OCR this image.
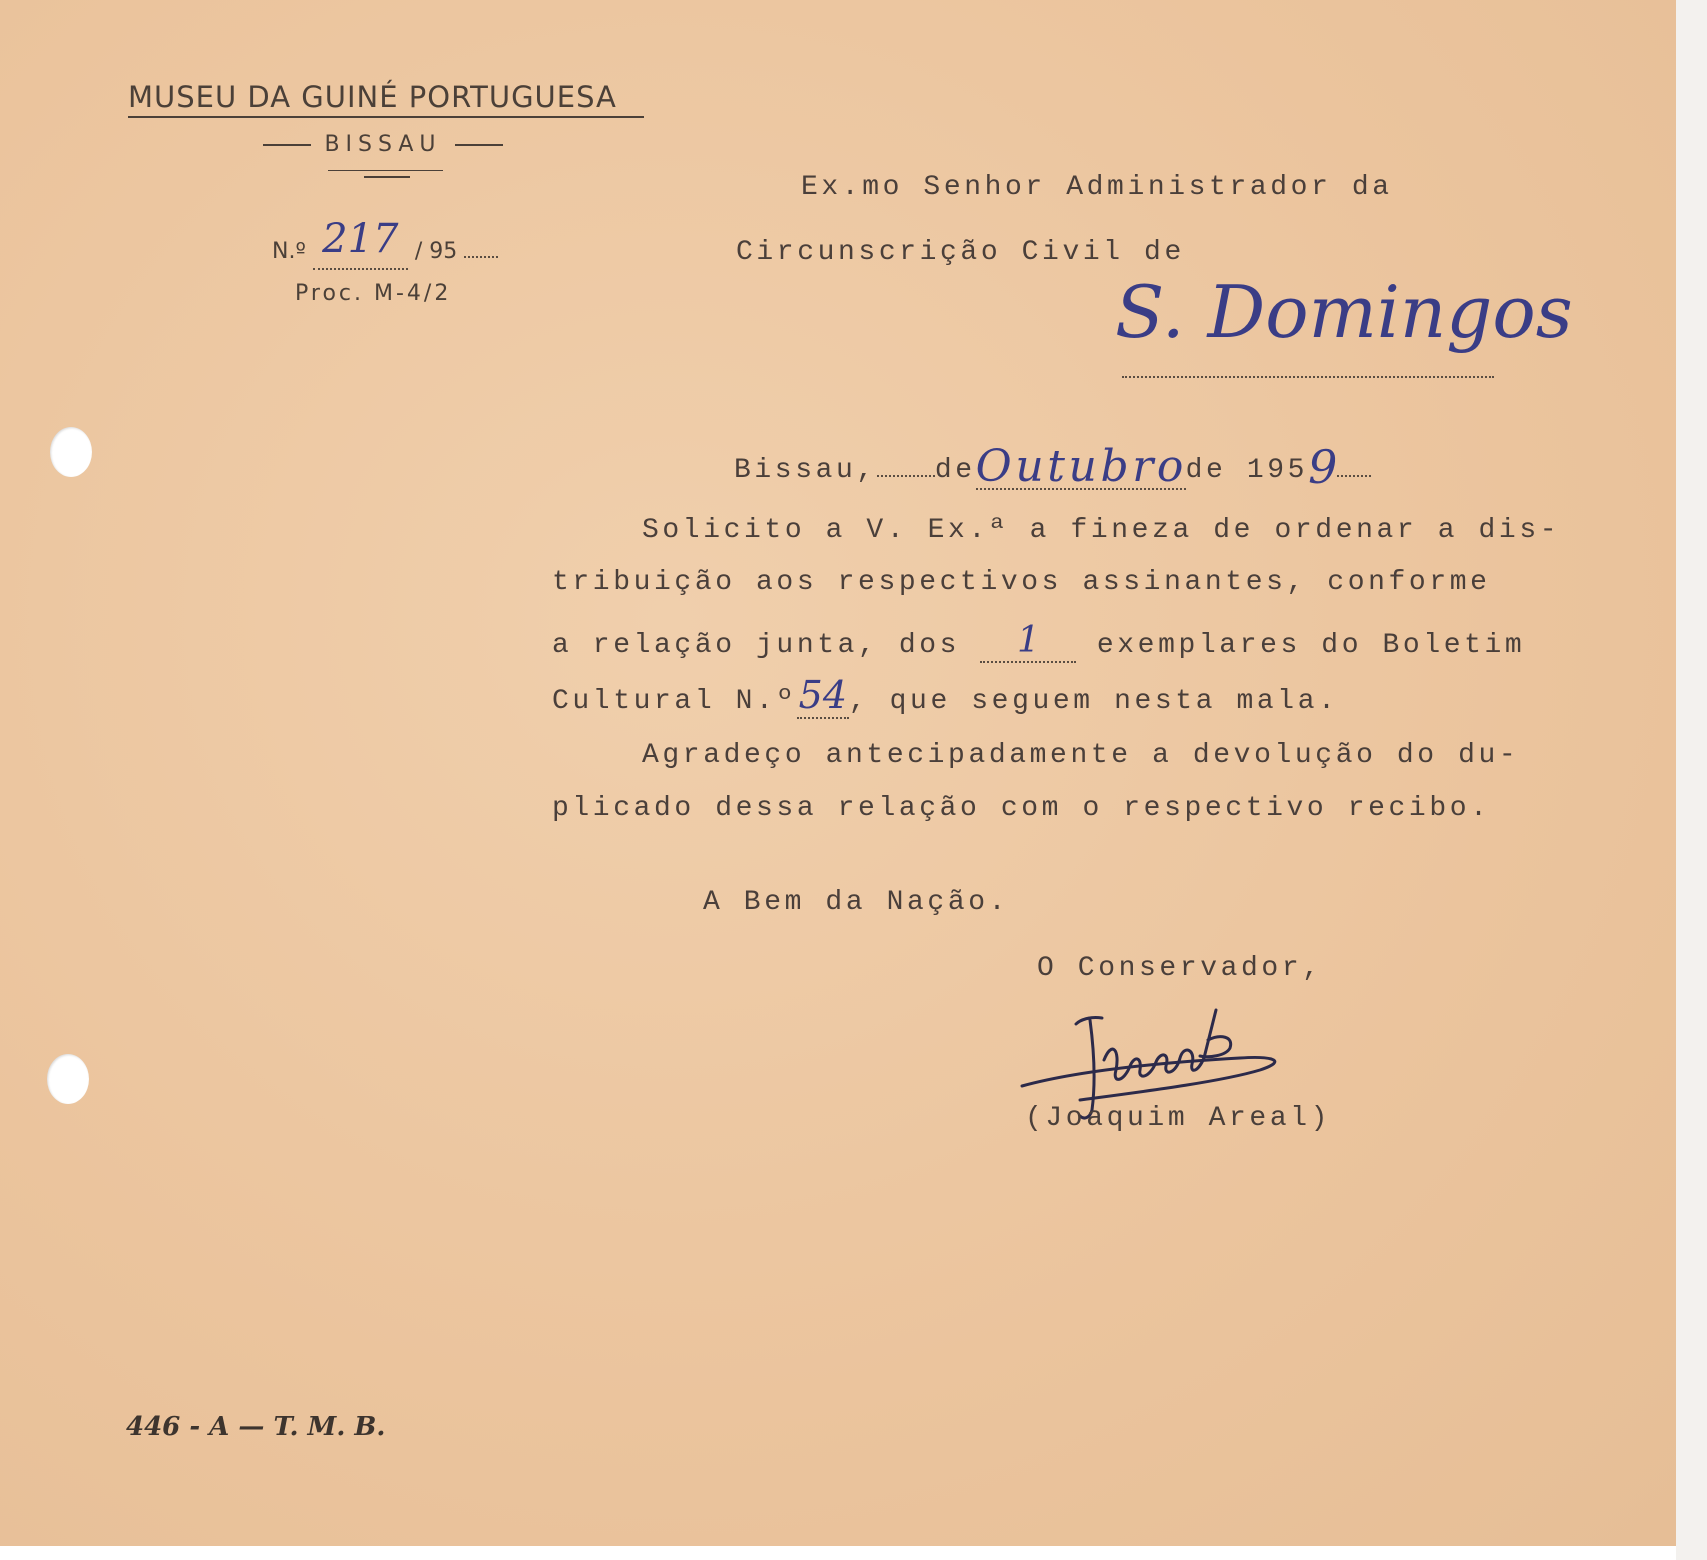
MUSEU DA GUINÉ PORTUGUESA
BISSAU
N.º 217 / 95
Proc. M-4/2
Ex.mo Senhor Administrador da
Circunscrição Civil de
S. Domingos
Bissau, deOutubrode 1959
Solicito a V. Ex.ª a fineza de ordenar a dis-
tribuição aos respectivos assinantes, conforme
a relação junta, dos 1 exemplares do Boletim
Cultural N.º54, que seguem nesta mala.
Agradeço antecipadamente a devolução do du-
plicado dessa relação com o respectivo recibo.
A Bem da Nação.
O Conservador,
(Joaquim Areal)
446 - A — T. M. B.
